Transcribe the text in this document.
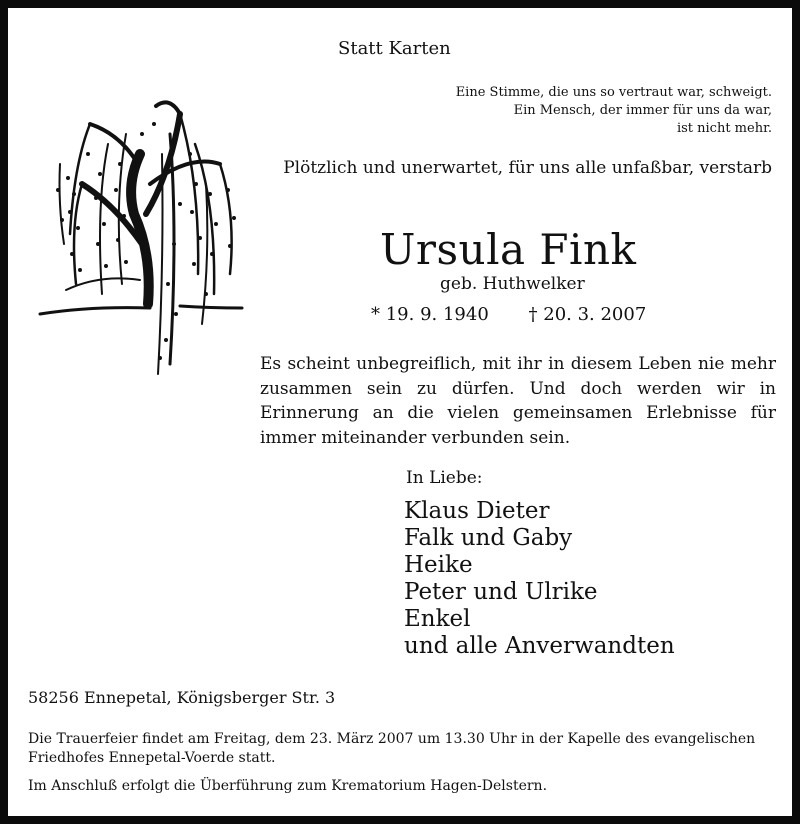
Statt Karten
Eine Stimme, die uns so vertraut war, schweigt.
Ein Mensch, der immer für uns da war,
ist nicht mehr.
Plötzlich und unerwartet, für uns alle unfaßbar, verstarb
Ursula Fink
geb. Huthwelker
* 19. 9. 1940 † 20. 3. 2007
Es scheint unbegreiflich, mit ihr in diesem Leben nie mehr zusammen sein zu dürfen. Und doch werden wir in Erinnerung an die vielen gemeinsamen Erlebnisse für immer miteinander verbunden sein.
In Liebe:
Klaus Dieter
Falk und Gaby
Heike
Peter und Ulrike
Enkel
und alle Anverwandten
58256 Ennepetal, Königsberger Str. 3
Die Trauerfeier findet am Freitag, dem 23. März 2007 um 13.30 Uhr in der Kapelle des evangelischen Friedhofes Ennepetal-Voerde statt.
Im Anschluß erfolgt die Überführung zum Krematorium Hagen-Delstern.
